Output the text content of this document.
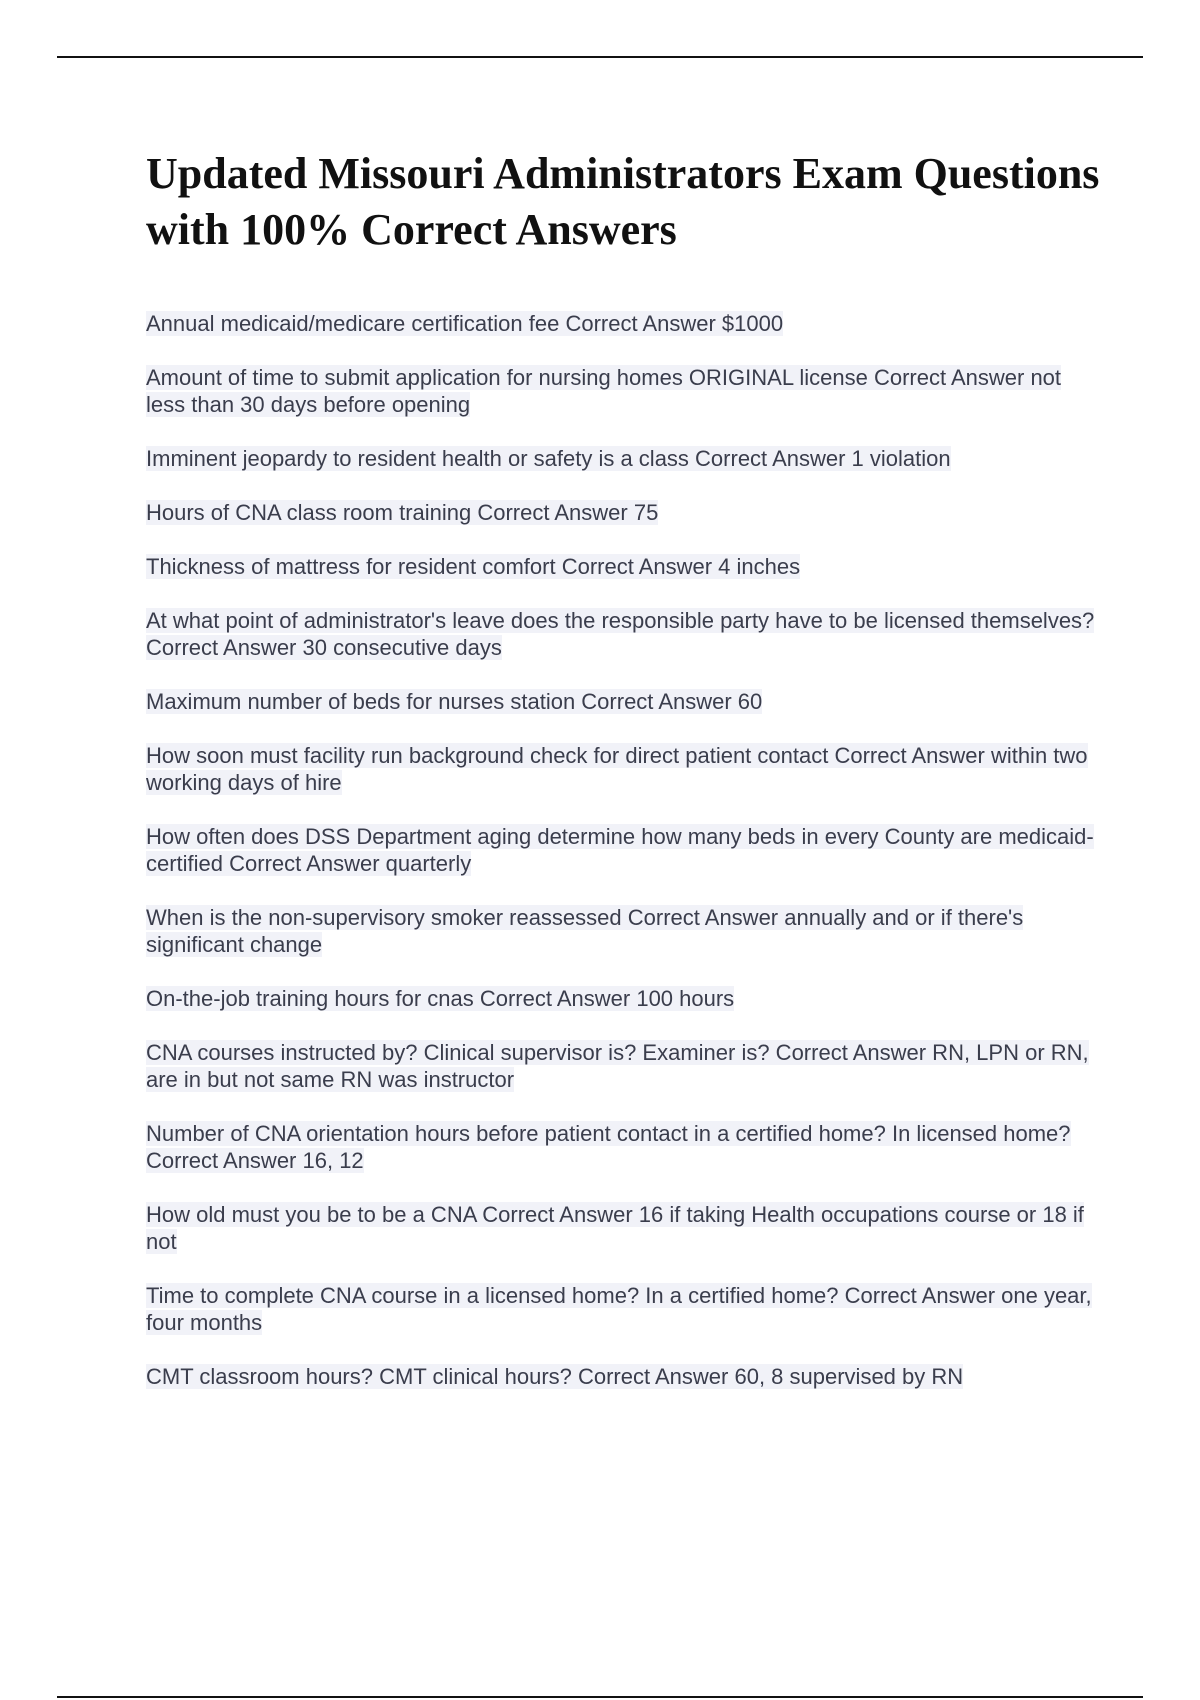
Updated Missouri Administrators Exam Questions with 100% Correct Answers
Annual medicaid/medicare certification fee Correct Answer $1000
Amount of time to submit application for nursing homes ORIGINAL license Correct Answer not less than 30 days before opening
Imminent jeopardy to resident health or safety is a class Correct Answer 1 violation
Hours of CNA class room training Correct Answer 75
Thickness of mattress for resident comfort Correct Answer 4 inches
At what point of administrator's leave does the responsible party have to be licensed themselves? Correct Answer 30 consecutive days
Maximum number of beds for nurses station Correct Answer 60
How soon must facility run background check for direct patient contact Correct Answer within two working days of hire
How often does DSS Department aging determine how many beds in every County are medicaid-certified Correct Answer quarterly
When is the non-supervisory smoker reassessed Correct Answer annually and or if there's significant change
On-the-job training hours for cnas Correct Answer 100 hours
CNA courses instructed by? Clinical supervisor is? Examiner is? Correct Answer RN, LPN or RN, are in but not same RN was instructor
Number of CNA orientation hours before patient contact in a certified home? In licensed home? Correct Answer 16, 12
How old must you be to be a CNA Correct Answer 16 if taking Health occupations course or 18 if not
Time to complete CNA course in a licensed home? In a certified home? Correct Answer one year, four months
CMT classroom hours? CMT clinical hours? Correct Answer 60, 8 supervised by RN
